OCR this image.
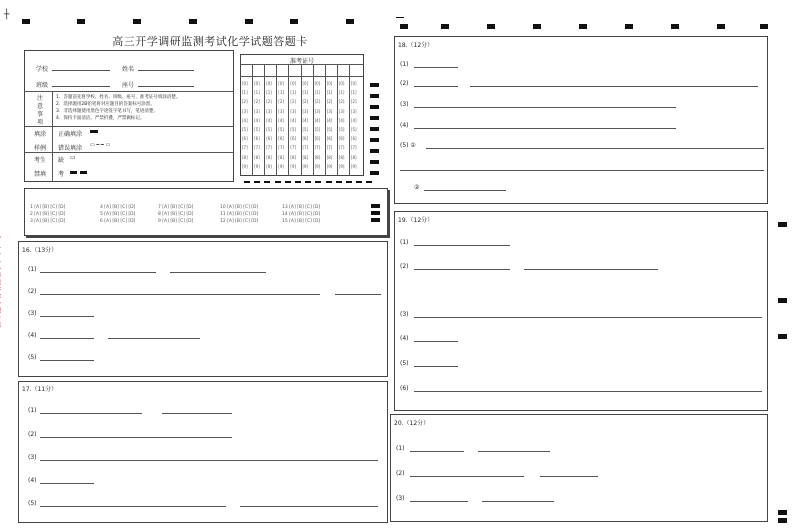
┼
高三开学调研监测考试化学试题答题卡
学校	姓名
班级	座号
注
意
事
项
1．答题前先将学校、姓名、班级、座号、准考证号填涂清楚。
2．选择题用2B铅笔将对应题目的答案标号涂黑。
3．非选择题使用黑色字迹签字笔书写，笔迹清楚。
4．保持卡面清洁，严禁折叠，严禁做标记。
填涂
样例
正确填涂
错误填涂 ▭ ━ ━ ▭
考生
禁填
缺 ▭
考
准考证号
[0] [0] [0] [0] [0] [0] [0] [0] [0] [0]
[1] [1] [1] [1] [1] [1] [1] [1] [1] [1]
[2] [2] [2] [2] [2] [2] [2] [2] [2] [2]
[3] [3] [3] [3] [3] [3] [3] [3] [3] [3]
[4] [4] [4] [4] [4] [4] [4] [4] [4] [4]
[5] [5] [5] [5] [5] [5] [5] [5] [5] [5]
[6] [6] [6] [6] [6] [6] [6] [6] [6] [6]
[7] [7] [7] [7] [7] [7] [7] [7] [7] [7]
[8] [8] [8] [8] [8] [8] [8] [8] [8] [8]
[9] [9] [9] [9] [9] [9] [9] [9] [9] [9]
1 [A] [B] [C] [D]
2 [A] [B] [C] [D]
3 [A] [B] [C] [D]
4 [A] [B] [C] [D]
5 [A] [B] [C] [D]
6 [A] [B] [C] [D]
7 [A] [B] [C] [D]
8 [A] [B] [C] [D]
9 [A] [B] [C] [D]
10 [A] [B] [C] [D]
11 [A] [B] [C] [D]
12 [A] [B] [C] [D]
13 [A] [B] [C] [D]
14 [A] [B] [C] [D]
15 [A] [B] [C] [D]
16.（13分）
(1)
(2)
(3)
(4)
(5)
17.（11分）
(1)
(2)
(3)
(4)
(5)
18.（12分）
(1)
(2)
(3)
(4)
(5) ①
②
19.（12分）
(1)
(2)
(3)
(4)
(5)
(6)
20.（12分）
(1)
(2)
(3)
